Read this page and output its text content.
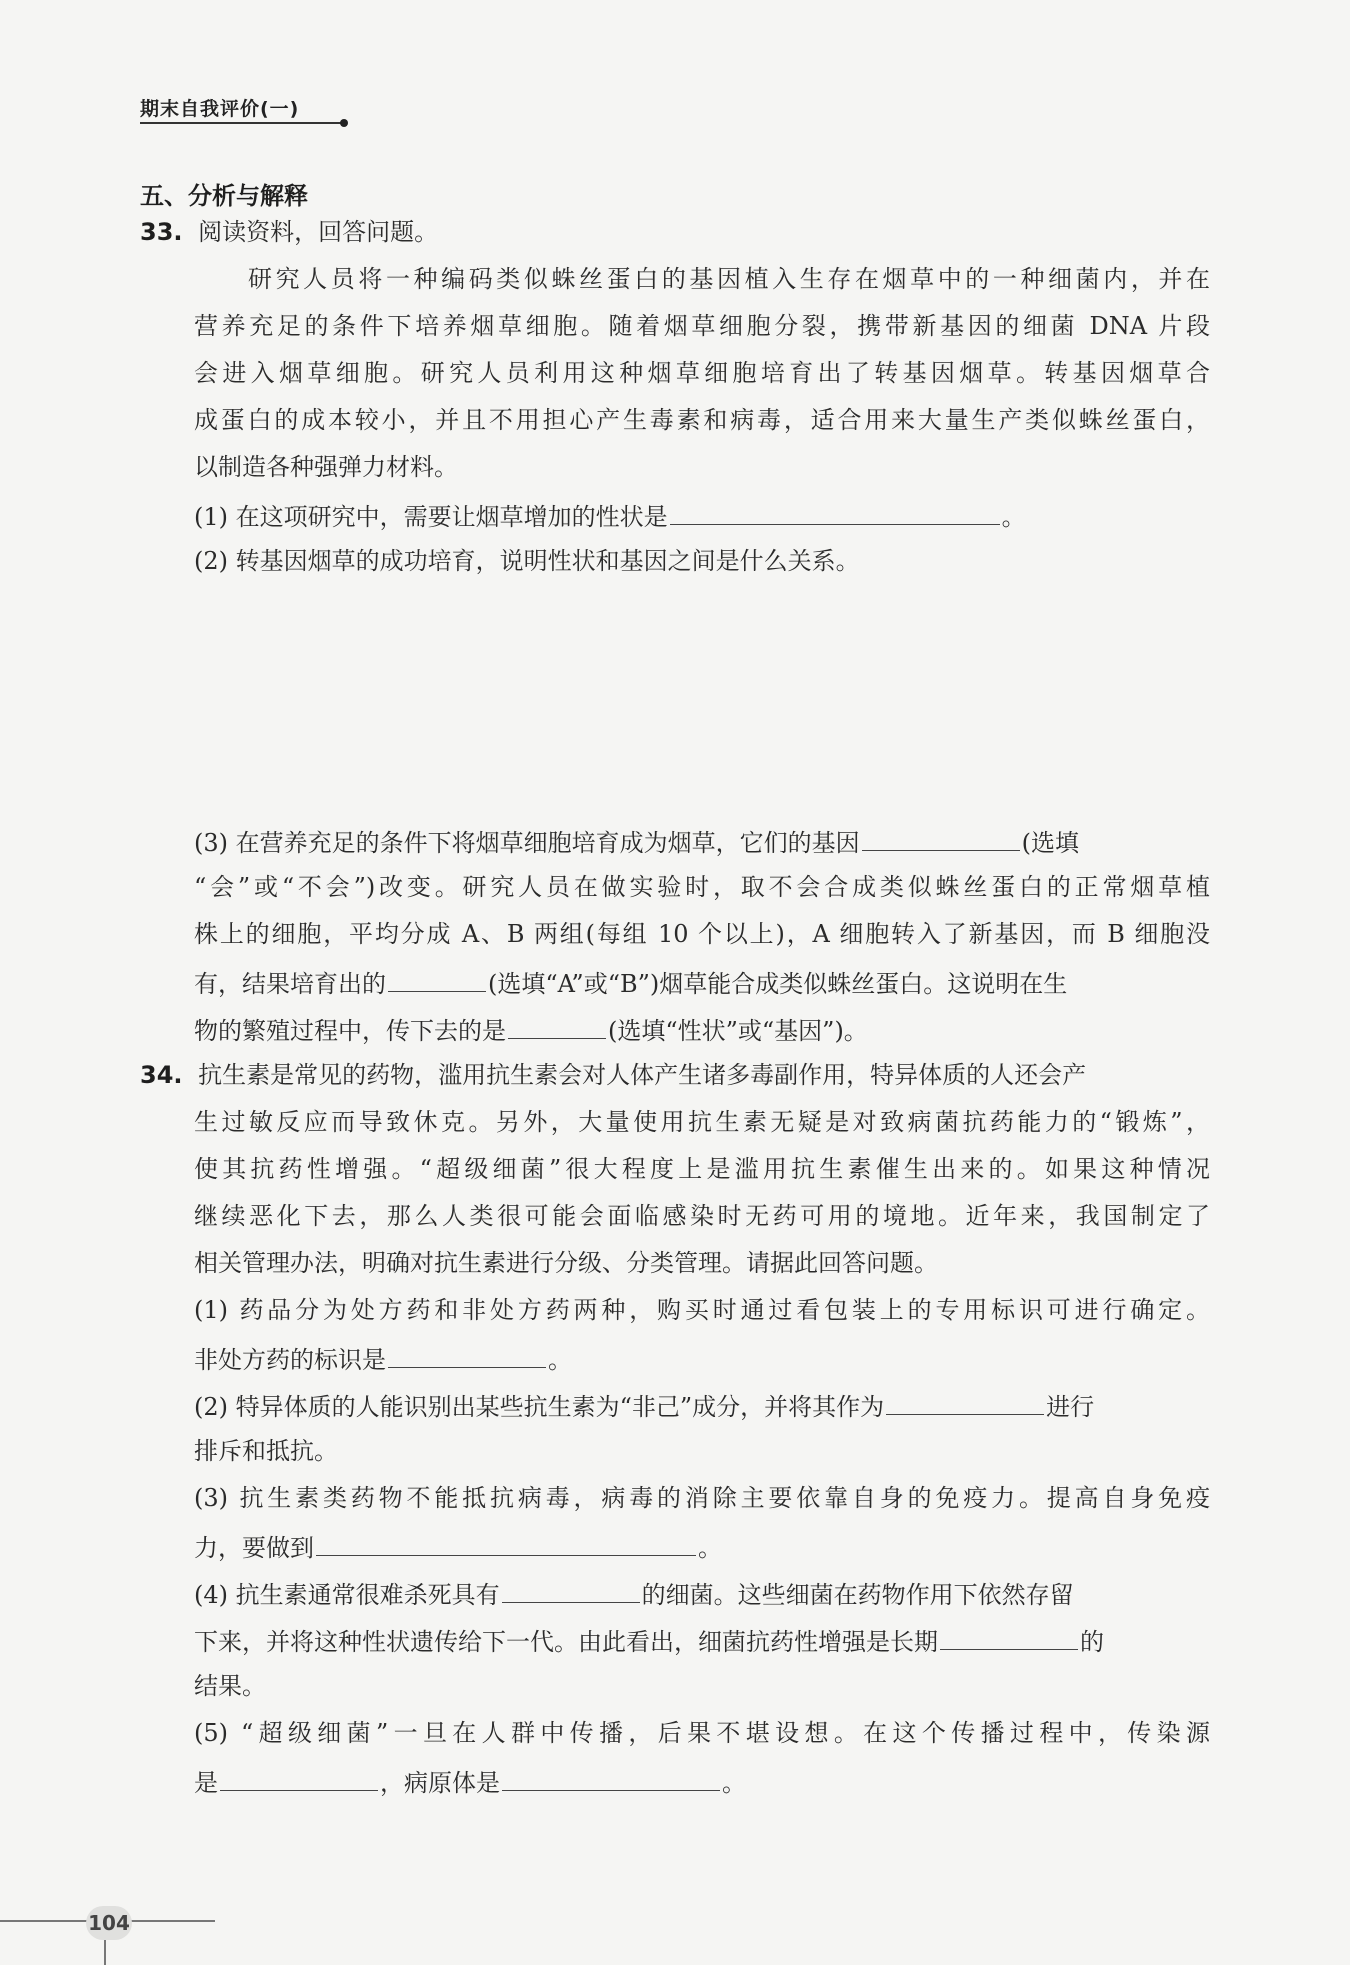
期末自我评价(一)
五、分析与解释
33. 阅读资料，回答问题。
研究人员将一种编码类似蛛丝蛋白的基因植入生存在烟草中的一种细菌内，并在
营养充足的条件下培养烟草细胞。随着烟草细胞分裂，携带新基因的细菌 DNA 片段
会进入烟草细胞。研究人员利用这种烟草细胞培育出了转基因烟草。转基因烟草合
成蛋白的成本较小，并且不用担心产生毒素和病毒，适合用来大量生产类似蛛丝蛋白，
以制造各种强弹力材料。
(1) 在这项研究中，需要让烟草增加的性状是	。
(2) 转基因烟草的成功培育，说明性状和基因之间是什么关系。
(3) 在营养充足的条件下将烟草细胞培育成为烟草，它们的基因	(选填
“会”或“不会”)改变。研究人员在做实验时，取不会合成类似蛛丝蛋白的正常烟草植
株上的细胞，平均分成 A、B 两组(每组 10 个以上)，A 细胞转入了新基因，而 B 细胞没
有，结果培育出的	(选填“A”或“B”)烟草能合成类似蛛丝蛋白。这说明在生
物的繁殖过程中，传下去的是	(选填“性状”或“基因”)。
34. 抗生素是常见的药物，滥用抗生素会对人体产生诸多毒副作用，特异体质的人还会产
生过敏反应而导致休克。另外，大量使用抗生素无疑是对致病菌抗药能力的“锻炼”，
使其抗药性增强。“超级细菌”很大程度上是滥用抗生素催生出来的。如果这种情况
继续恶化下去，那么人类很可能会面临感染时无药可用的境地。近年来，我国制定了
相关管理办法，明确对抗生素进行分级、分类管理。请据此回答问题。
(1) 药品分为处方药和非处方药两种，购买时通过看包装上的专用标识可进行确定。
非处方药的标识是	。
(2) 特异体质的人能识别出某些抗生素为“非己”成分，并将其作为	进行
排斥和抵抗。
(3) 抗生素类药物不能抵抗病毒，病毒的消除主要依靠自身的免疫力。提高自身免疫
力，要做到	。
(4) 抗生素通常很难杀死具有	的细菌。这些细菌在药物作用下依然存留
下来，并将这种性状遗传给下一代。由此看出，细菌抗药性增强是长期	的
结果。
(5) “超级细菌”一旦在人群中传播，后果不堪设想。在这个传播过程中，传染源
是	，病原体是	。
104
